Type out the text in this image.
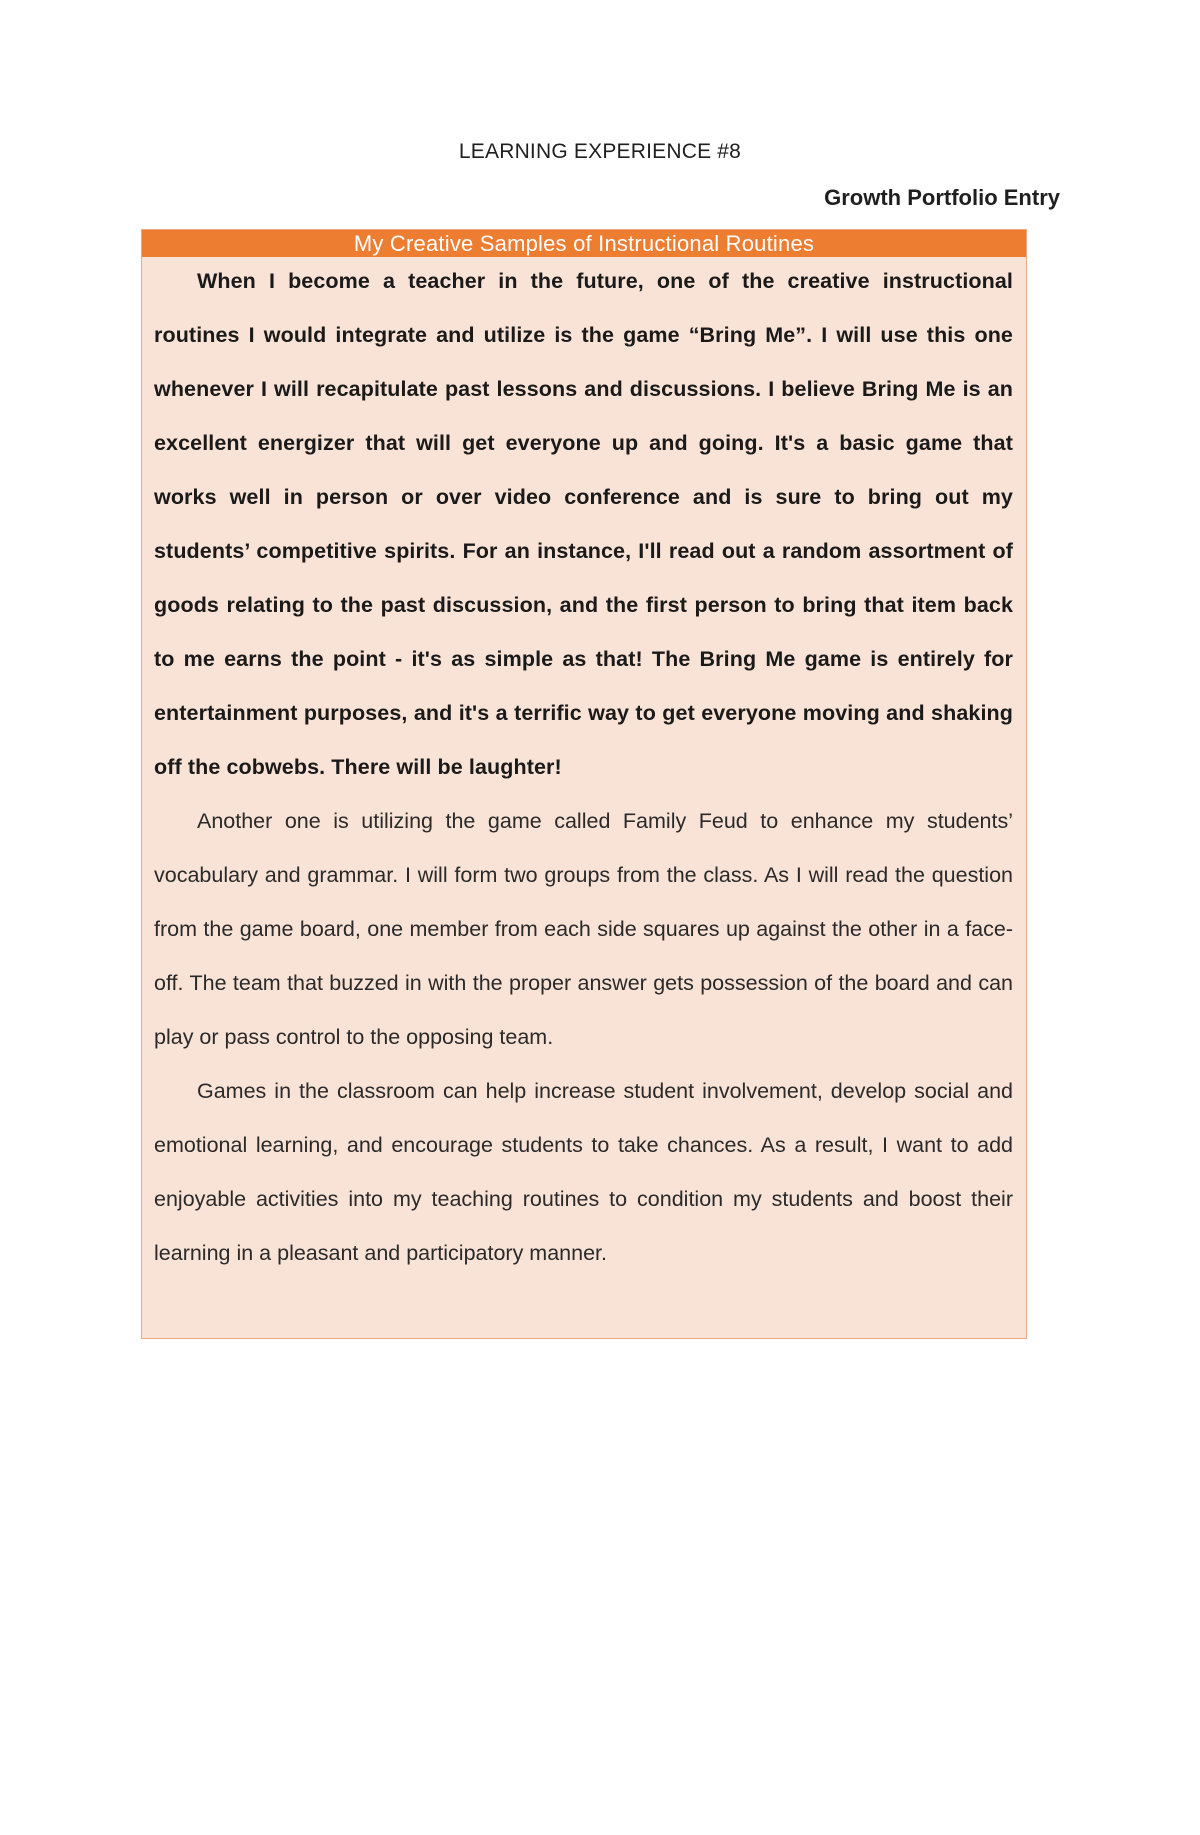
LEARNING EXPERIENCE #8
Growth Portfolio Entry
My Creative Samples of Instructional Routines

When I become a teacher in the future, one of the creative instructional routines I would integrate and utilize is the game “Bring Me”. I will use this one whenever I will recapitulate past lessons and discussions. I believe Bring Me is an excellent energizer that will get everyone up and going. It's a basic game that works well in person or over video conference and is sure to bring out my students’ competitive spirits. For an instance, I'll read out a random assortment of goods relating to the past discussion, and the first person to bring that item back to me earns the point - it's as simple as that! The Bring Me game is entirely for entertainment purposes, and it's a terrific way to get everyone moving and shaking off the cobwebs. There will be laughter!

Another one is utilizing the game called Family Feud to enhance my students’ vocabulary and grammar. I will form two groups from the class. As I will read the question from the game board, one member from each side squares up against the other in a face-off. The team that buzzed in with the proper answer gets possession of the board and can play or pass control to the opposing team.

Games in the classroom can help increase student involvement, develop social and emotional learning, and encourage students to take chances. As a result, I want to add enjoyable activities into my teaching routines to condition my students and boost their learning in a pleasant and participatory manner.
